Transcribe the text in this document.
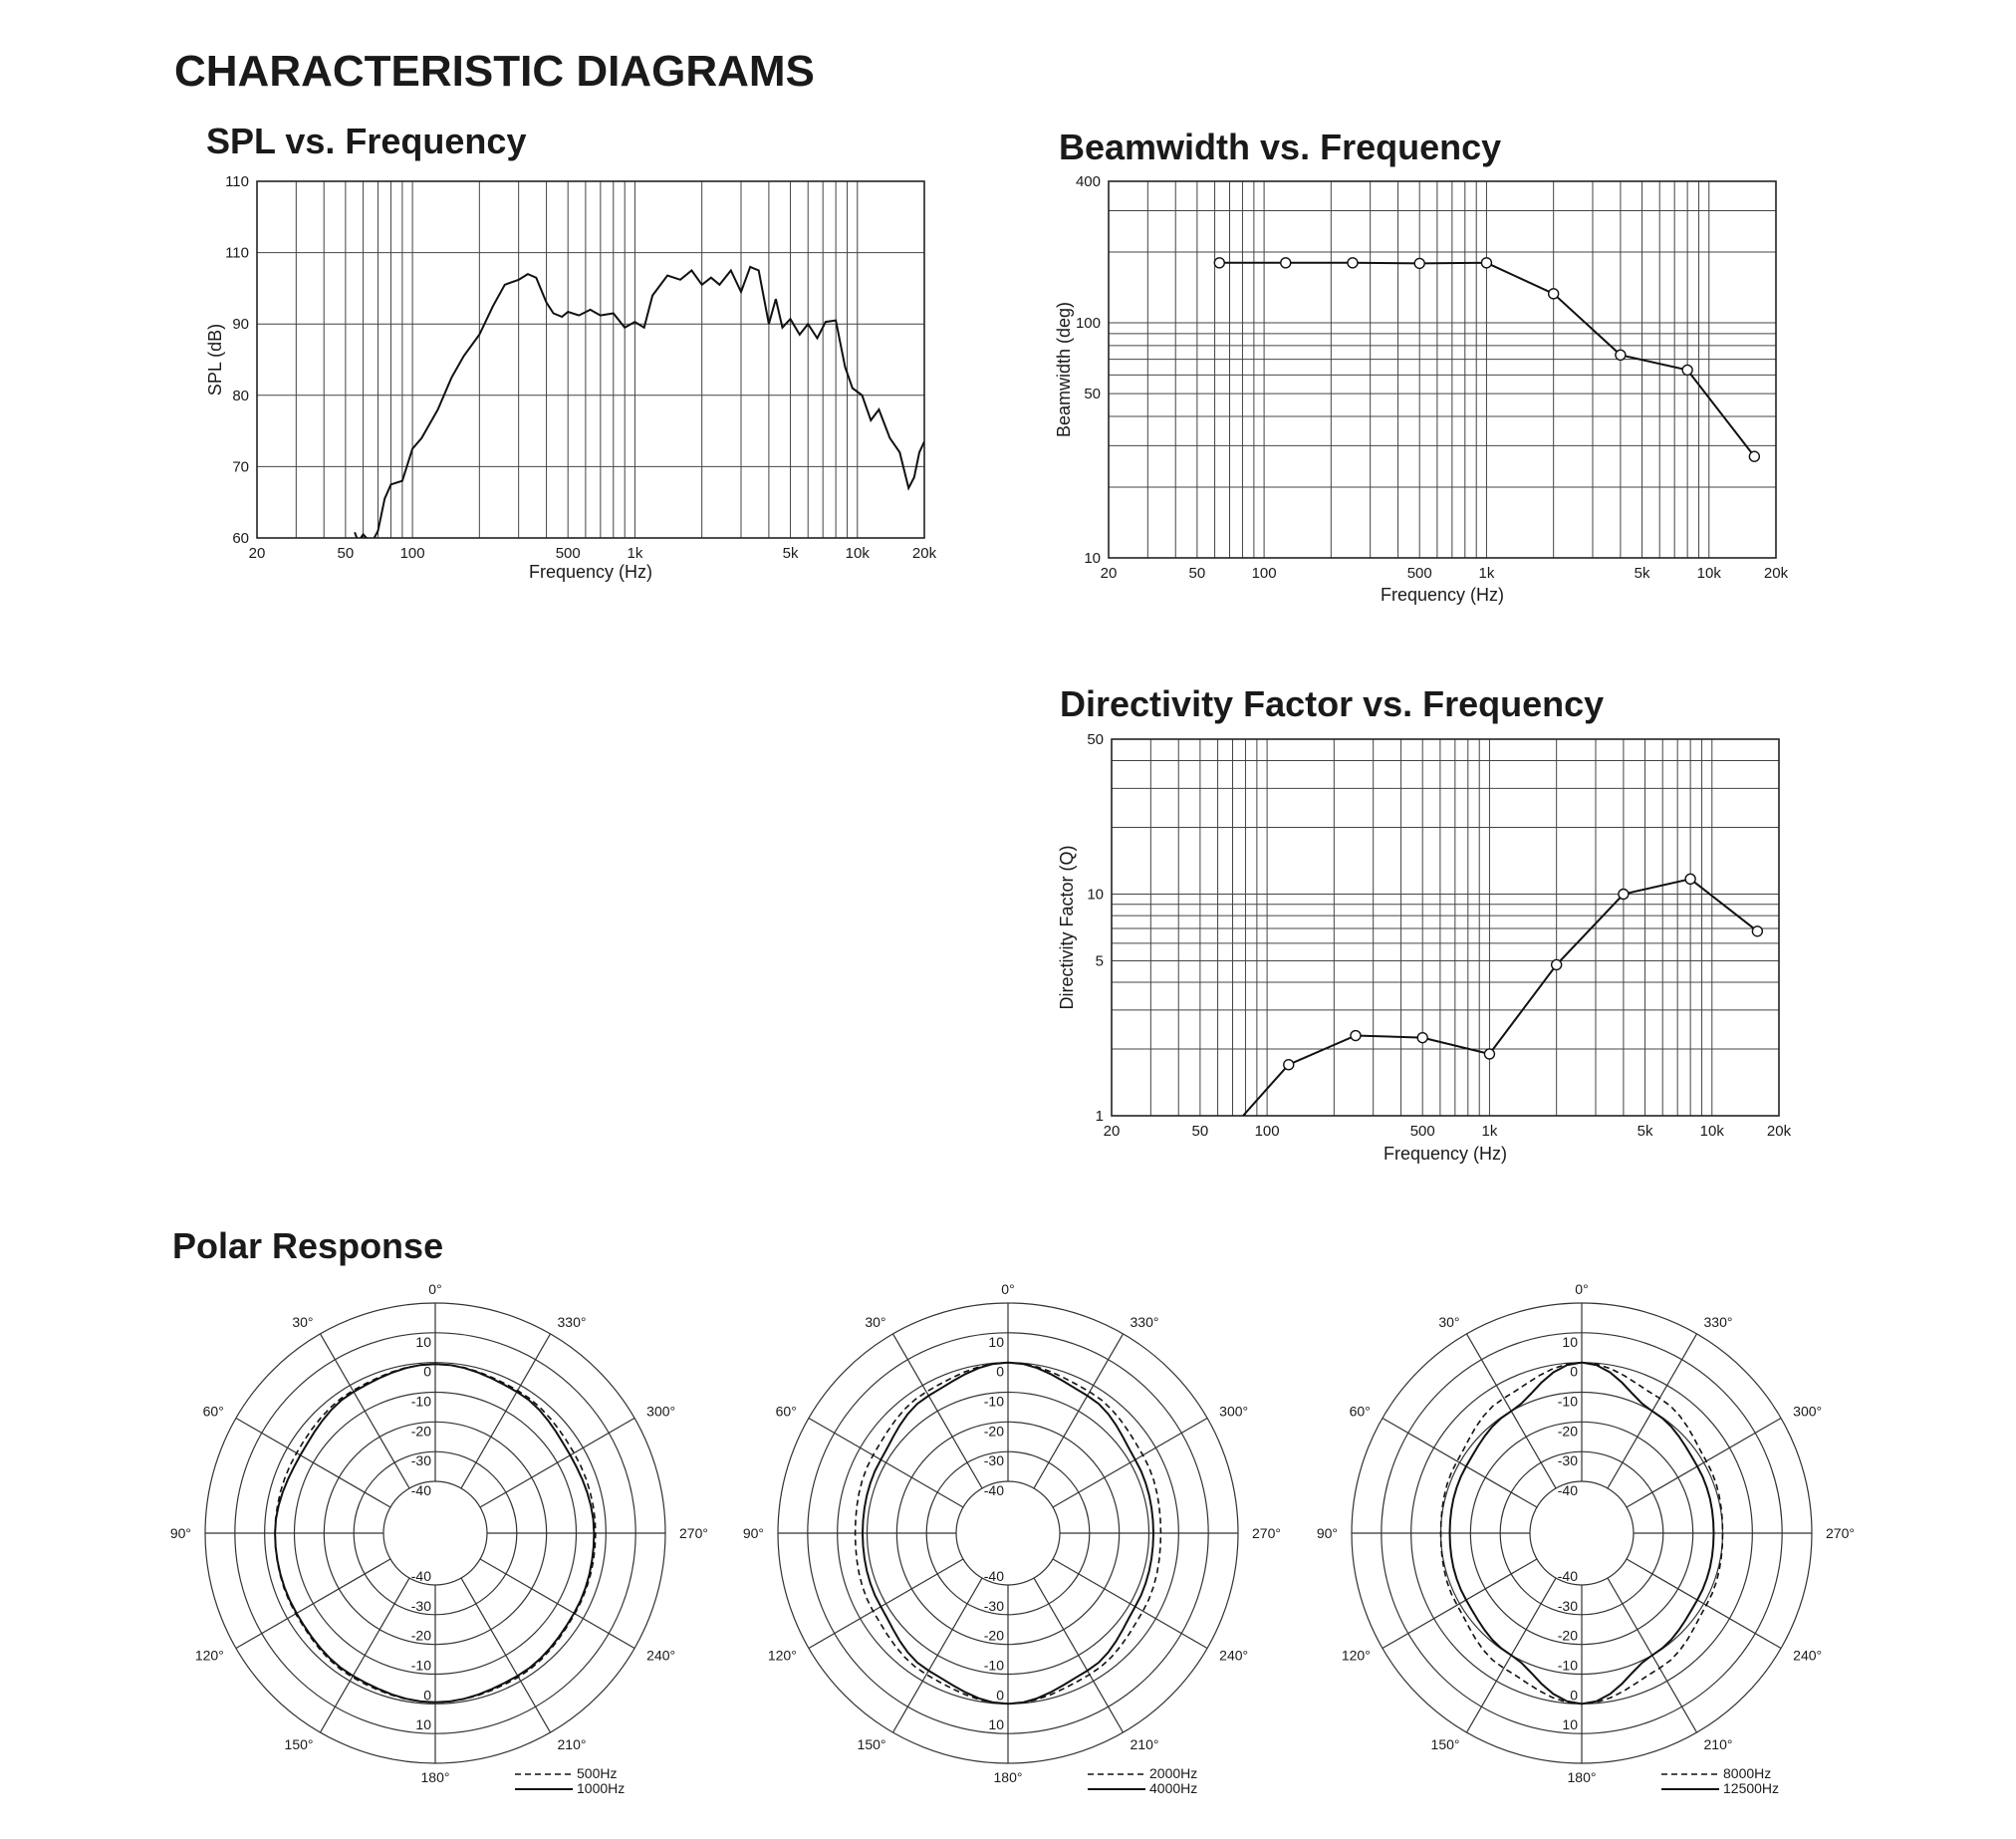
CHARACTERISTIC DIAGRAMS
Polar Response
SPL vs. Frequency
20	50	100	500	1k	5k	10k	20k
60
70
80
90
110
110
Frequency (Hz)
SPL (dB)
Beamwidth vs. Frequency
20	50	100	500	1k	5k	10k	20k
10
50
100
400
Frequency (Hz)
Beamwidth (deg)
Directivity Factor vs. Frequency
20	50	100	500	1k	5k	10k	20k
1
5
10
50
Frequency (Hz)
Directivity Factor (Q)
10
10
0
0
-10
-10
-20
-20
-30
-30
-40
-40
0°
30°
60°
90°
120°
150°
180°
210°
240°
270°
300°
330°
500Hz
1000Hz
10
10
0
0
-10
-10
-20
-20
-30
-30
-40
-40
0°
30°
60°
90°
120°
150°
180°
210°
240°
270°
300°
330°
2000Hz
4000Hz
10
10
0
0
-10
-10
-20
-20
-30
-30
-40
-40
0°
30°
60°
90°
120°
150°
180°
210°
240°
270°
300°
330°
8000Hz
12500Hz
